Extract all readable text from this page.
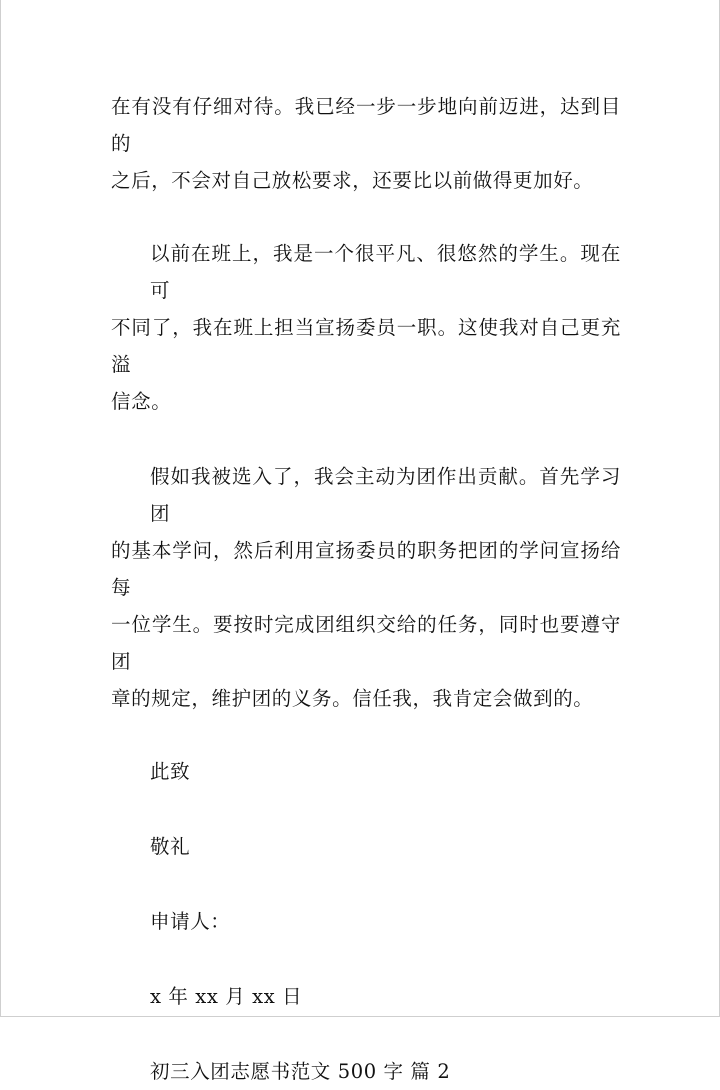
在有没有仔细对待。我已经一步一步地向前迈进，达到目的
之后，不会对自己放松要求，还要比以前做得更加好。

以前在班上，我是一个很平凡、很悠然的学生。现在可
不同了，我在班上担当宣扬委员一职。这使我对自己更充溢
信念。

假如我被选入了，我会主动为团作出贡献。首先学习团
的基本学问，然后利用宣扬委员的职务把团的学问宣扬给每
一位学生。要按时完成团组织交给的任务，同时也要遵守团
章的规定，维护团的义务。信任我，我肯定会做到的。

此致

敬礼

申请人：

x 年 xx 月 xx 日

初三入团志愿书范文 500 字 篇 2
